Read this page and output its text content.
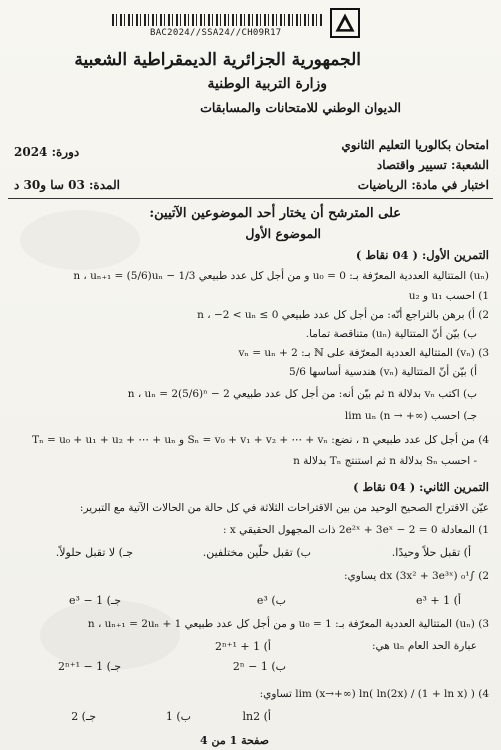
BAC2024//SSA24//CH09R17
الجمهورية الجزائرية الديمقراطية الشعبية
وزارة التربية الوطنية
الديوان الوطني للامتحانات والمسابقات
امتحان بكالوريا التعليم الثانوي
دورة: 2024
الشعبة: تسيير واقتصاد
اختبار في مادة: الرياضيات
المدة: 03 سا و30 د
على المترشح أن يختار أحد الموضوعين الآتيين:
الموضوع الأول
التمرين الأول: ( 04 نقاط )
(uₙ) المتتالية العددية المعرّفة بـ: u₀ = 0 و من أجل كل عدد طبيعي n ، uₙ₊₁ = (5/6)uₙ − 1/3
1) احسب u₁ و u₂
2) أ) برهن بالتراجع أنّه: من أجل كل عدد طبيعي n ، −2 < uₙ ≤ 0
ب) بيّن أنّ المتتالية (uₙ) متناقصة تماما.
3) (vₙ) المتتالية العددية المعرّفة على ℕ بـ: vₙ = uₙ + 2
أ) بيّن أنّ المتتالية (vₙ) هندسية أساسها 5/6
ب) اكتب vₙ بدلالة n ثم بيّن أنه: من أجل كل عدد طبيعي n ، uₙ = 2(5/6)ⁿ − 2
جـ) احسب lim uₙ (n → +∞)
4) من أجل كل عدد طبيعي n ، نضع: Sₙ = v₀ + v₁ + v₂ + ⋯ + vₙ و Tₙ = u₀ + u₁ + u₂ + ⋯ + uₙ
- احسب Sₙ بدلالة n ثم استنتج Tₙ بدلالة n
التمرين الثاني: ( 04 نقاط )
عيّن الاقتراح الصحيح الوحيد من بين الاقتراحات الثلاثة في كل حالة من الحالات الآتية مع التبرير:
1) المعادلة 2e²ˣ + 3eˣ − 2 = 0 ذات المجهول الحقيقي x :
أ) تقبل حلاً وحيدًا.
ب) تقبل حلّين مختلفين.
جـ) لا تقبل حلولاً.
2) ∫₀¹ (3x² + 3e³ˣ) dx يساوي:
أ) e³ + 1
ب) e³
جـ) e³ − 1
3) (uₙ) المتتالية العددية المعرّفة بـ: u₀ = 1 و من أجل كل عدد طبيعي n ، uₙ₊₁ = 2uₙ + 1
عبارة الحد العام uₙ هي:
أ) 2ⁿ⁺¹ + 1
ب) 2ⁿ − 1
جـ) 2ⁿ⁺¹ − 1
4) lim (x→+∞) ln( ln(2x) / (1 + ln x) ) تساوي:
أ) ln2
ب) 1
جـ) 2
صفحة 1 من 4
